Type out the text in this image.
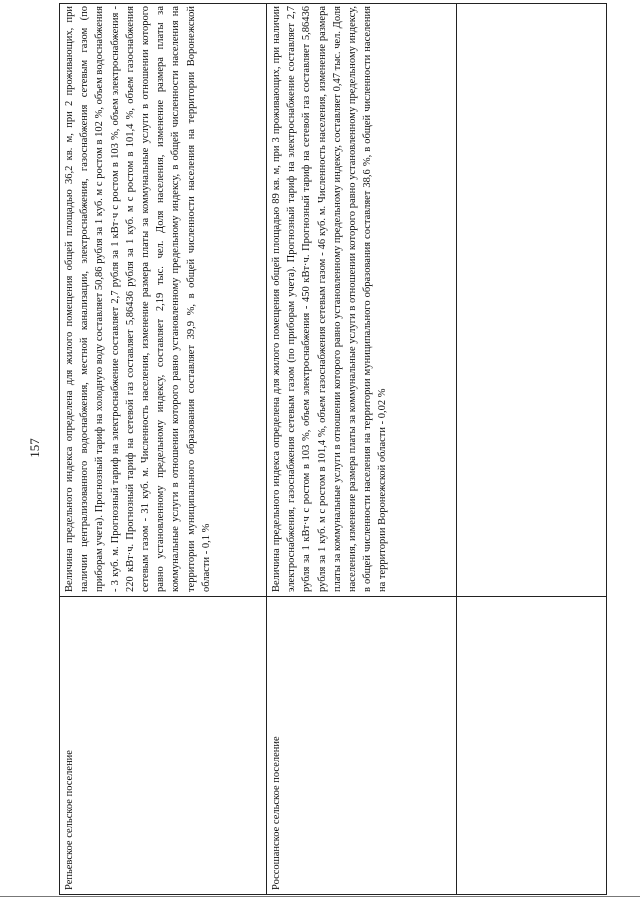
157
Репьевское сельское поселение
Величина предельного индекса определена для жилого помещения общей площадью 36,2 кв. м, при 2 проживающих, при наличии централизованного водоснабжения, местной канализации, электроснабжения, газоснабжения сетевым газом (по приборам учета). Прогнозный тариф на холодную воду составляет 50,86 рубля за 1 куб. м с ростом в 102 %, объем водоснабжения - 3 куб. м. Прогнозный тариф на электроснабжение составляет 2,7 рубля за 1 кВт·ч с ростом в 103 %, объем электроснабжения - 220 кВт·ч. Прогнозный тариф на сетевой газ составляет 5,86436 рубля за 1 куб. м с ростом в 101,4 %, объем газоснабжения сетевым газом - 31 куб. м. Численность населения, изменение размера платы за коммунальные услуги в отношении которого равно установленному предельному индексу, составляет 2,19 тыс. чел. Доля населения, изменение размера платы за коммунальные услуги в отношении которого равно установленному предельному индексу, в общей численности населения на территории муниципального образования составляет 39,9 %, в общей численности населения на территории Воронежской области - 0,1 %
Россошанское сельское поселение
Величина предельного индекса определена для жилого помещения общей площадью 89 кв. м, при 3 проживающих, при наличии электроснабжения, газоснабжения сетевым газом (по приборам учета). Прогнозный тариф на электроснабжение составляет 2,7 рубля за 1 кВт·ч с ростом в 103 %, объем электроснабжения - 450 кВт·ч. Прогнозный тариф на сетевой газ составляет 5,86436 рубля за 1 куб. м с ростом в 101,4 %, объем газоснабжения сетевым газом - 46 куб. м. Численность населения, изменение размера платы за коммунальные услуги в отношении которого равно установленному предельному индексу, составляет 0,47 тыс. чел. Доля населения, изменение размера платы за коммунальные услуги в отношении которого равно установленному предельному индексу, в общей численности населения на территории муниципального образования составляет 38,6 %, в общей численности населения на территории Воронежской области - 0,02 %
